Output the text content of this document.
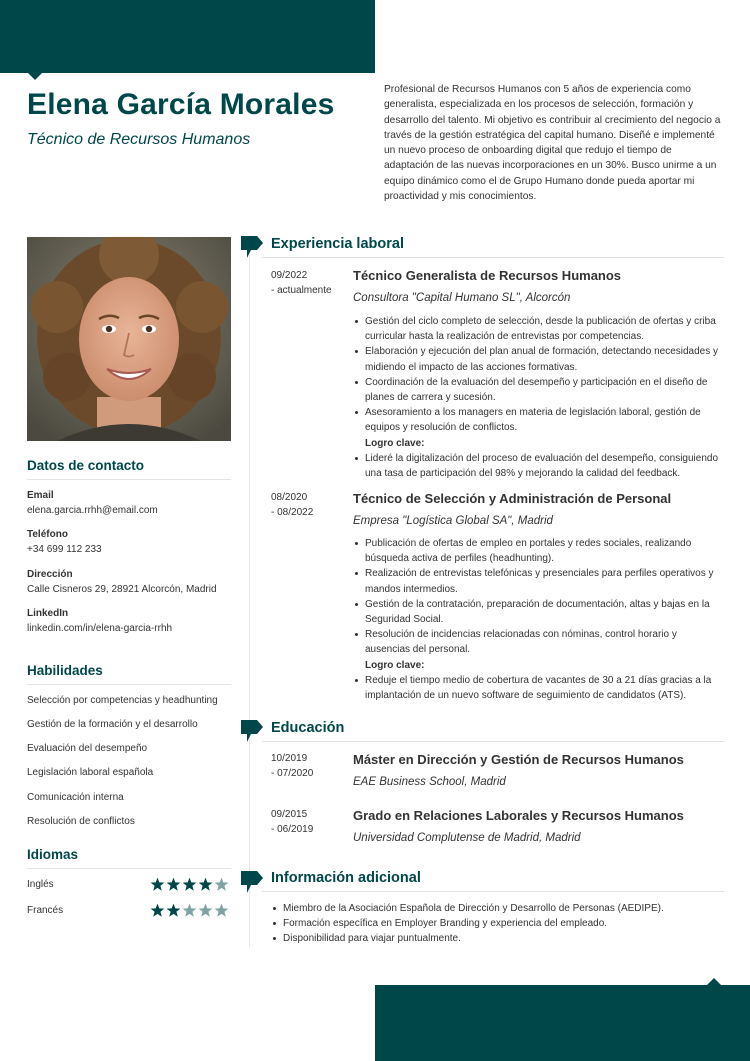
Elena García Morales
Técnico de Recursos Humanos
Profesional de Recursos Humanos con 5 años de experiencia como generalista, especializada en los procesos de selección, formación y desarrollo del talento. Mi objetivo es contribuir al crecimiento del negocio a través de la gestión estratégica del capital humano. Diseñé e implementé un nuevo proceso de onboarding digital que redujo el tiempo de adaptación de las nuevas incorporaciones en un 30%. Busco unirme a un equipo dinámico como el de Grupo Humano donde pueda aportar mi proactividad y mis conocimientos.
Datos de contacto
Email
elena.garcia.rrhh@email.com
Teléfono
+34 699 112 233
Dirección
Calle Cisneros 29, 28921 Alcorcón, Madrid
LinkedIn
linkedin.com/in/elena-garcia-rrhh
Habilidades
Selección por competencias y headhunting
Gestión de la formación y el desarrollo
Evaluación del desempeño
Legislación laboral española
Comunicación interna
Resolución de conflictos
Idiomas
Inglés
Francés
Experiencia laboral
09/2022
- actualmente
Técnico Generalista de Recursos Humanos
Consultora "Capital Humano SL", Alcorcón
Gestión del ciclo completo de selección, desde la publicación de ofertas y criba curricular hasta la realización de entrevistas por competencias.
Elaboración y ejecución del plan anual de formación, detectando necesidades y midiendo el impacto de las acciones formativas.
Coordinación de la evaluación del desempeño y participación en el diseño de planes de carrera y sucesión.
Asesoramiento a los managers en materia de legislación laboral, gestión de equipos y resolución de conflictos.
Logro clave:
Lideré la digitalización del proceso de evaluación del desempeño, consiguiendo una tasa de participación del 98% y mejorando la calidad del feedback.
08/2020
- 08/2022
Técnico de Selección y Administración de Personal
Empresa "Logística Global SA", Madrid
Publicación de ofertas de empleo en portales y redes sociales, realizando búsqueda activa de perfiles (headhunting).
Realización de entrevistas telefónicas y presenciales para perfiles operativos y mandos intermedios.
Gestión de la contratación, preparación de documentación, altas y bajas en la Seguridad Social.
Resolución de incidencias relacionadas con nóminas, control horario y ausencias del personal.
Logro clave:
Reduje el tiempo medio de cobertura de vacantes de 30 a 21 días gracias a la implantación de un nuevo software de seguimiento de candidatos (ATS).
Educación
10/2019
- 07/2020
Máster en Dirección y Gestión de Recursos Humanos
EAE Business School, Madrid
09/2015
- 06/2019
Grado en Relaciones Laborales y Recursos Humanos
Universidad Complutense de Madrid, Madrid
Información adicional
Miembro de la Asociación Española de Dirección y Desarrollo de Personas (AEDIPE).
Formación específica en Employer Branding y experiencia del empleado.
Disponibilidad para viajar puntualmente.
